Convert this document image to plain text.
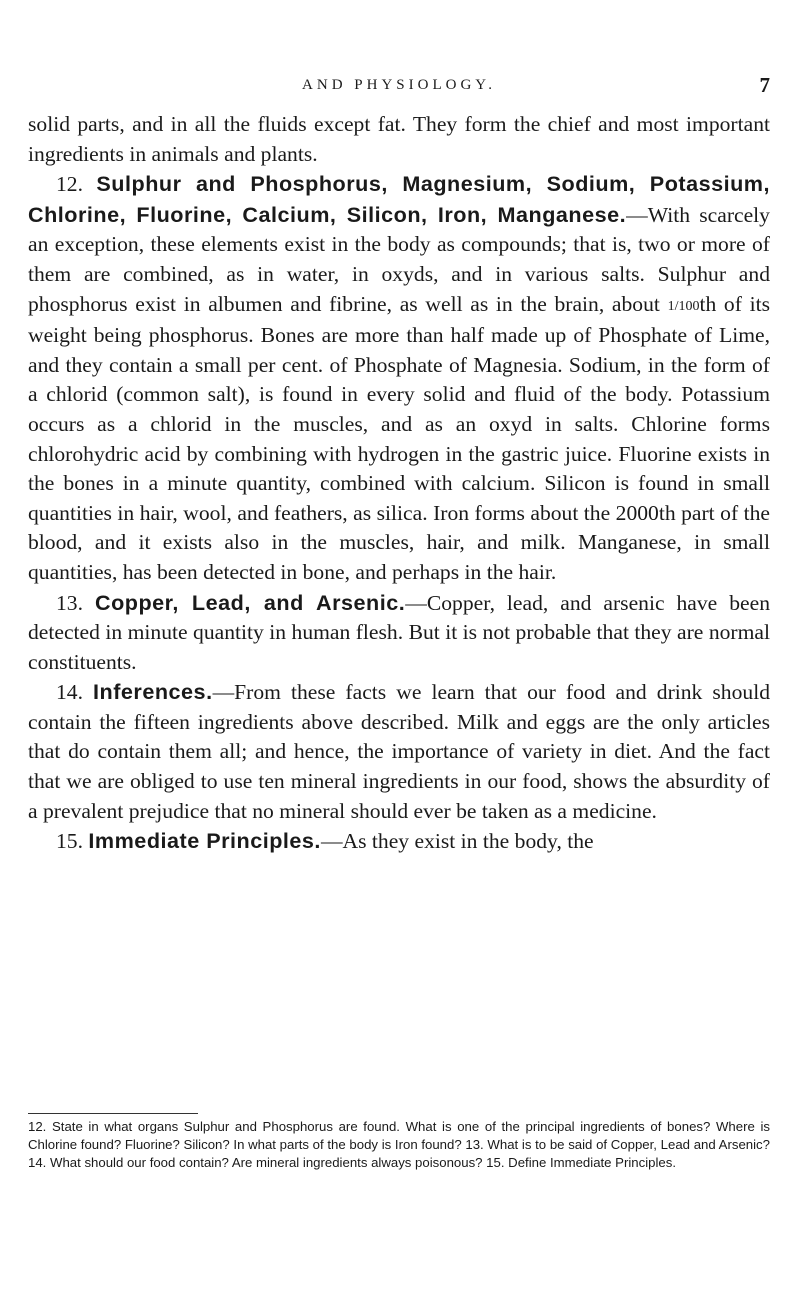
AND PHYSIOLOGY.	7

solid parts, and in all the fluids except fat. They form the chief and most important ingredients in animals and plants.

12. Sulphur and Phosphorus, Magnesium, Sodium, Potassium, Chlorine, Fluorine, Calcium, Silicon, Iron, Manganese.—With scarcely an exception, these elements exist in the body as compounds; that is, two or more of them are combined, as in water, in oxyds, and in various salts. Sulphur and phosphorus exist in albumen and fibrine, as well as in the brain, about 1/100th of its weight being phosphorus. Bones are more than half made up of Phosphate of Lime, and they contain a small per cent. of Phosphate of Magnesia. Sodium, in the form of a chlorid (common salt), is found in every solid and fluid of the body. Potassium occurs as a chlorid in the muscles, and as an oxyd in salts. Chlorine forms chlorohydric acid by combining with hydrogen in the gastric juice. Fluorine exists in the bones in a minute quantity, combined with calcium. Silicon is found in small quantities in hair, wool, and feathers, as silica. Iron forms about the 2000th part of the blood, and it exists also in the muscles, hair, and milk. Manganese, in small quantities, has been detected in bone, and perhaps in the hair.

13. Copper, Lead, and Arsenic.—Copper, lead, and arsenic have been detected in minute quantity in human flesh. But it is not probable that they are normal constituents.

14. Inferences.—From these facts we learn that our food and drink should contain the fifteen ingredients above described. Milk and eggs are the only articles that do contain them all; and hence, the importance of variety in diet. And the fact that we are obliged to use ten mineral ingredients in our food, shows the absurdity of a prevalent prejudice that no mineral should ever be taken as a medicine.

15. Immediate Principles.—As they exist in the body, the

12. State in what organs Sulphur and Phosphorus are found. What is one of the principal ingredients of bones? Where is Chlorine found? Fluorine? Silicon? In what parts of the body is Iron found? 13. What is to be said of Copper, Lead and Arsenic? 14. What should our food contain? Are mineral ingredients always poisonous? 15. Define Immediate Principles.
